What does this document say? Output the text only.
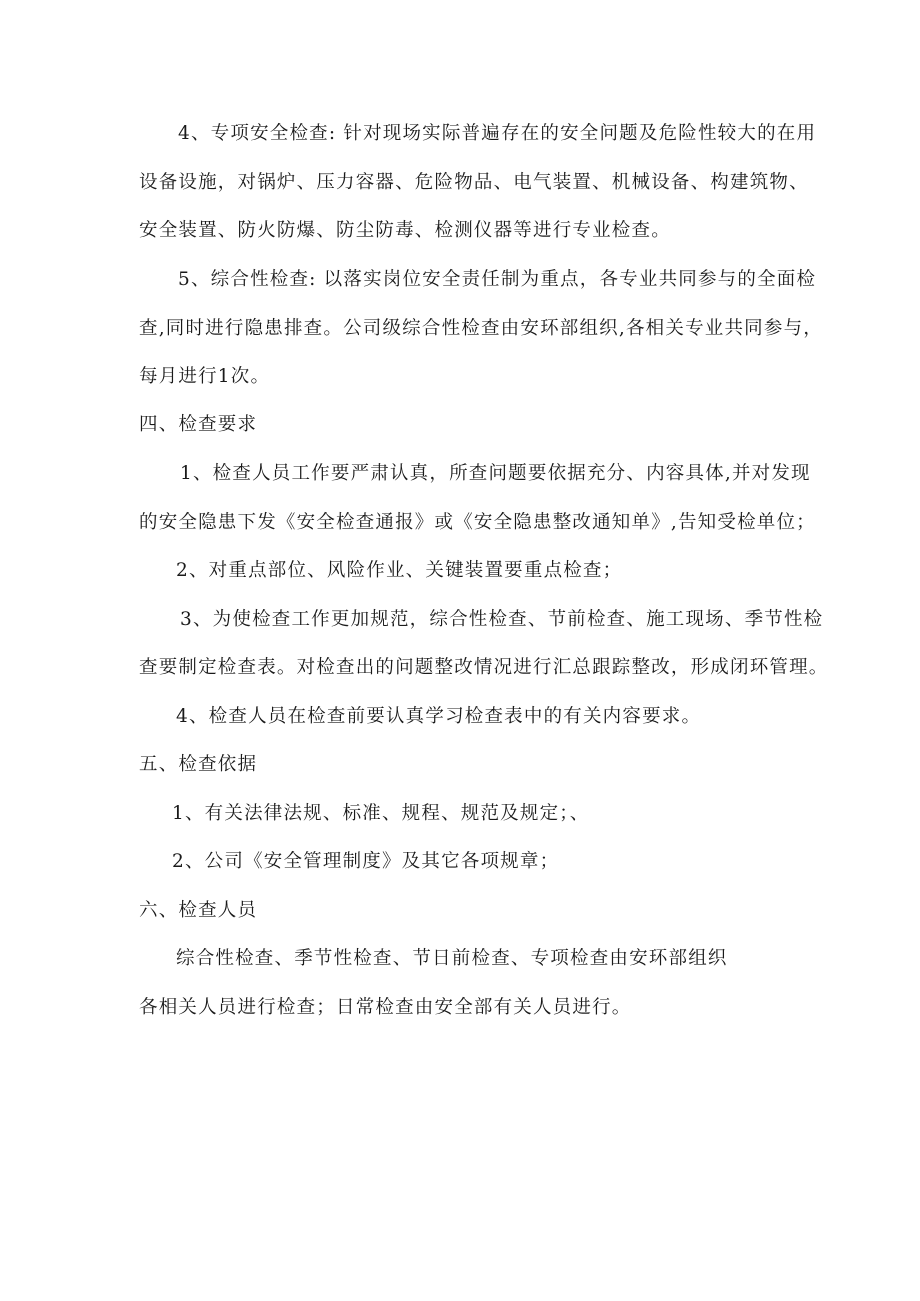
4、专项安全检查: 针对现场实际普遍存在的安全问题及危险性较大的在用
设备设施，对锅炉、压力容器、危险物品、电气装置、机械设备、构建筑物、
安全装置、防火防爆、防尘防毒、检测仪器等进行专业检查。
5、综合性检查: 以落实岗位安全责任制为重点，各专业共同参与的全面检
查,同时进行隐患排查。公司级综合性检查由安环部组织,各相关专业共同参与，
每月进行1次。
四、检查要求
1、检查人员工作要严肃认真，所查问题要依据充分、内容具体,并对发现
的安全隐患下发《安全检查通报》或《安全隐患整改通知单》,告知受检单位；
2、对重点部位、风险作业、关键装置要重点检查；
3、为使检查工作更加规范，综合性检查、节前检查、施工现场、季节性检
查要制定检查表。对检查出的问题整改情况进行汇总跟踪整改，形成闭环管理。
4、检查人员在检查前要认真学习检查表中的有关内容要求。
五、检查依据
1、有关法律法规、标准、规程、规范及规定；、
2、公司《安全管理制度》及其它各项规章；
六、检查人员
综合性检查、季节性检查、节日前检查、专项检查由安环部组织
各相关人员进行检查；日常检查由安全部有关人员进行。
